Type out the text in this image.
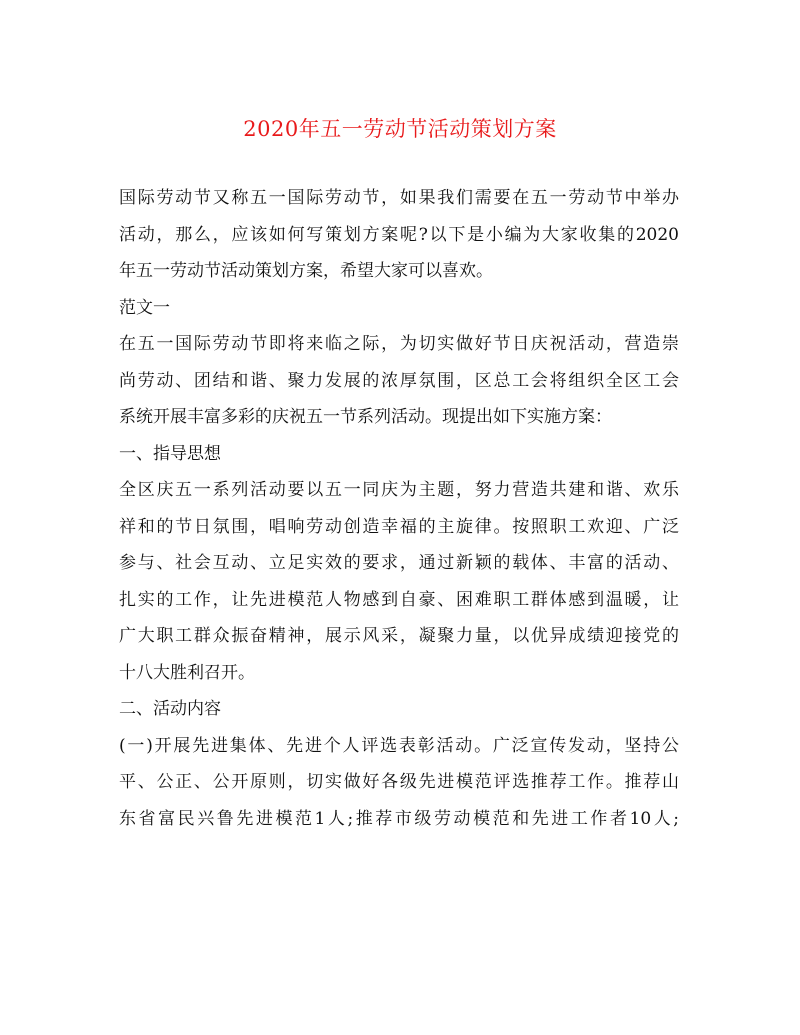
2020年五一劳动节活动策划方案
国际劳动节又称五一国际劳动节，如果我们需要在五一劳动节中举办
活动，那么，应该如何写策划方案呢?以下是小编为大家收集的2020
年五一劳动节活动策划方案，希望大家可以喜欢。
范文一
在五一国际劳动节即将来临之际，为切实做好节日庆祝活动，营造崇
尚劳动、团结和谐、聚力发展的浓厚氛围，区总工会将组织全区工会
系统开展丰富多彩的庆祝五一节系列活动。现提出如下实施方案：
一、指导思想
全区庆五一系列活动要以五一同庆为主题，努力营造共建和谐、欢乐
祥和的节日氛围，唱响劳动创造幸福的主旋律。按照职工欢迎、广泛
参与、社会互动、立足实效的要求，通过新颖的载体、丰富的活动、
扎实的工作，让先进模范人物感到自豪、困难职工群体感到温暖，让
广大职工群众振奋精神，展示风采，凝聚力量，以优异成绩迎接党的
十八大胜利召开。
二、活动内容
(一)开展先进集体、先进个人评选表彰活动。广泛宣传发动，坚持公
平、公正、公开原则，切实做好各级先进模范评选推荐工作。推荐山
东省富民兴鲁先进模范1人;推荐市级劳动模范和先进工作者10人;
